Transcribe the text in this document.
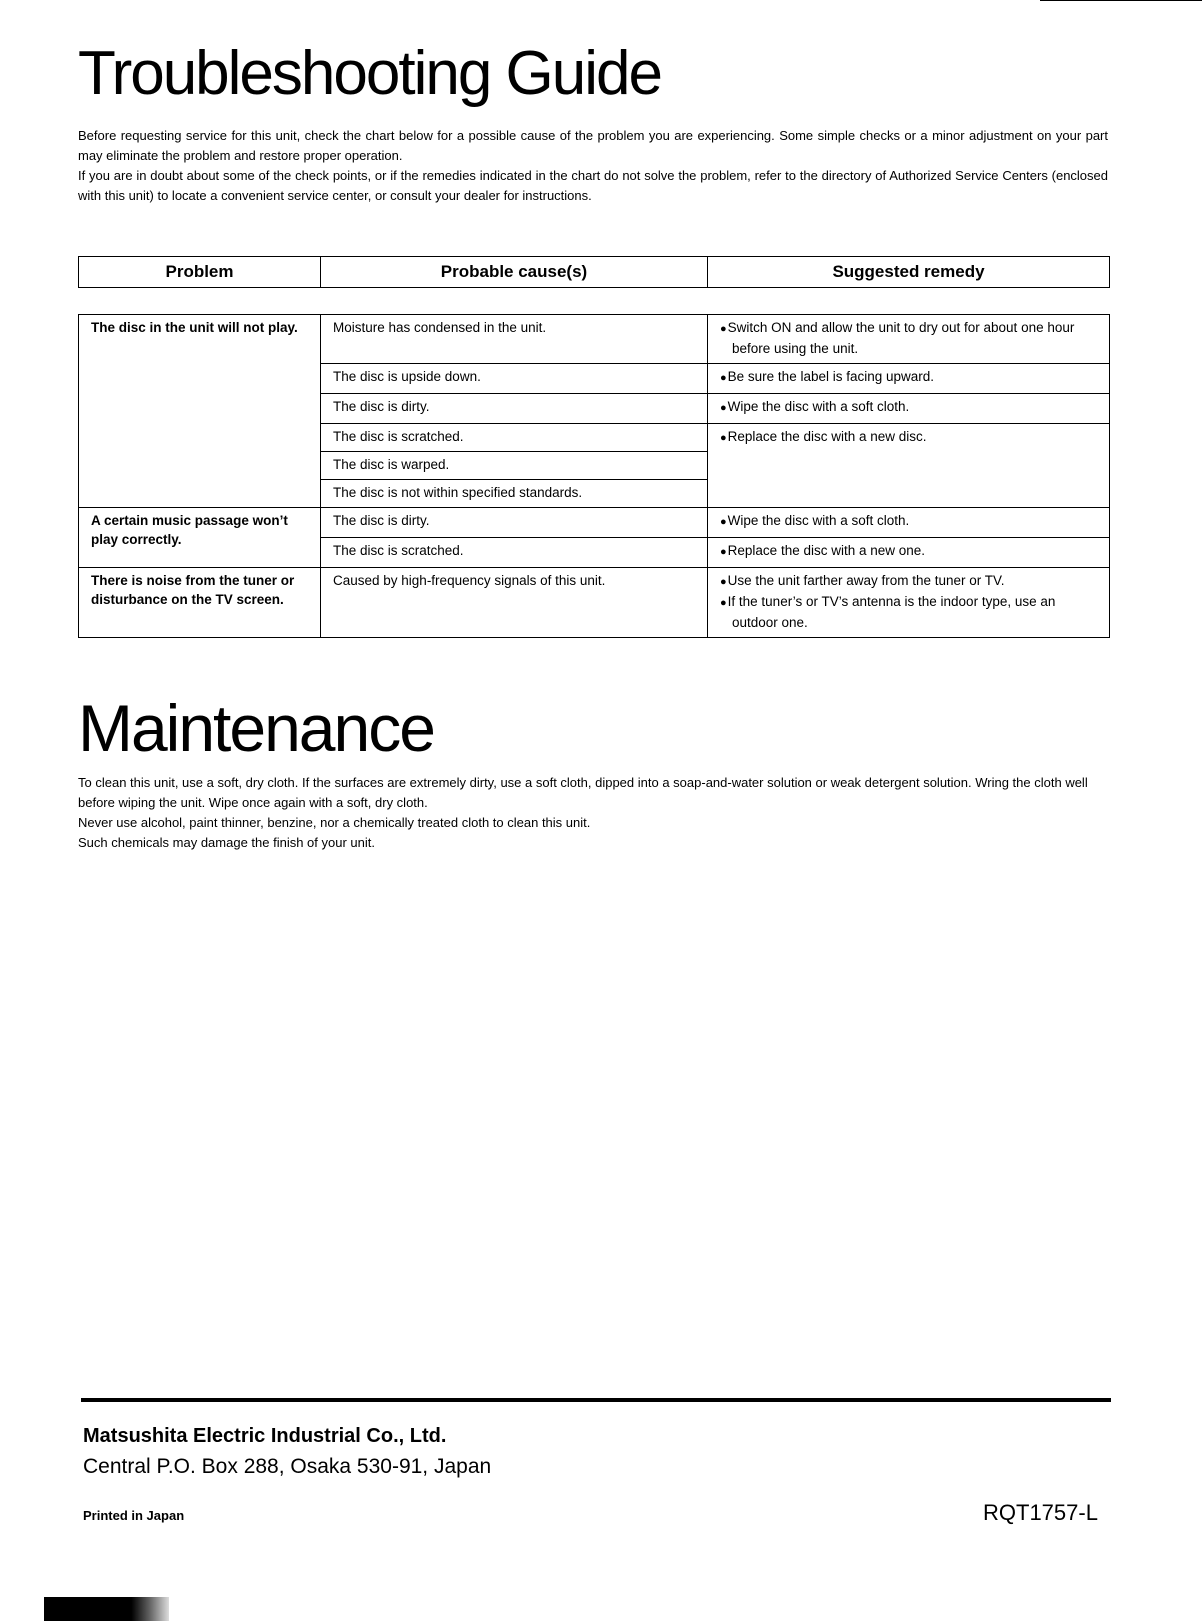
Troubleshooting Guide

Before requesting service for this unit, check the chart below for a possible cause of the problem you are experiencing. Some simple checks or a minor adjustment on your part may eliminate the problem and restore proper operation.

If you are in doubt about some of the check points, or if the remedies indicated in the chart do not solve the problem, refer to the directory of Authorized Service Centers (enclosed with this unit) to locate a convenient service center, or consult your dealer for instructions.

Problem	Probable cause(s)	Suggested remedy
The disc in the unit will not play.	Moisture has condensed in the unit.	●Switch ON and allow the unit to dry out for about one hour before using the unit.

	The disc is upside down.	●Be sure the label is facing upward.

	The disc is dirty.	●Wipe the disc with a soft cloth.

	The disc is scratched.	●Replace the disc with a new disc.

	The disc is warped.	
	The disc is not within specified standards.	
A certain music passage won’t play correctly.	The disc is dirty.	●Wipe the disc with a soft cloth.

	The disc is scratched.	●Replace the disc with a new one.

There is noise from the tuner or disturbance on the TV screen.	Caused by high-frequency signals of this unit.	●Use the unit farther away from the tuner or TV.
●If the tuner’s or TV’s antenna is the indoor type, use an outdoor one.
Maintenance

To clean this unit, use a soft, dry cloth. If the surfaces are extremely dirty, use a soft cloth, dipped into a soap-and-water solution or weak detergent solution. Wring the cloth well before wiping the unit. Wipe once again with a soft, dry cloth.

Never use alcohol, paint thinner, benzine, nor a chemically treated cloth to clean this unit.

Such chemicals may damage the finish of your unit.

Matsushita Electric Industrial Co., Ltd.
Central P.O. Box 288, Osaka 530-91, Japan
Printed in Japan	RQT1757-L
